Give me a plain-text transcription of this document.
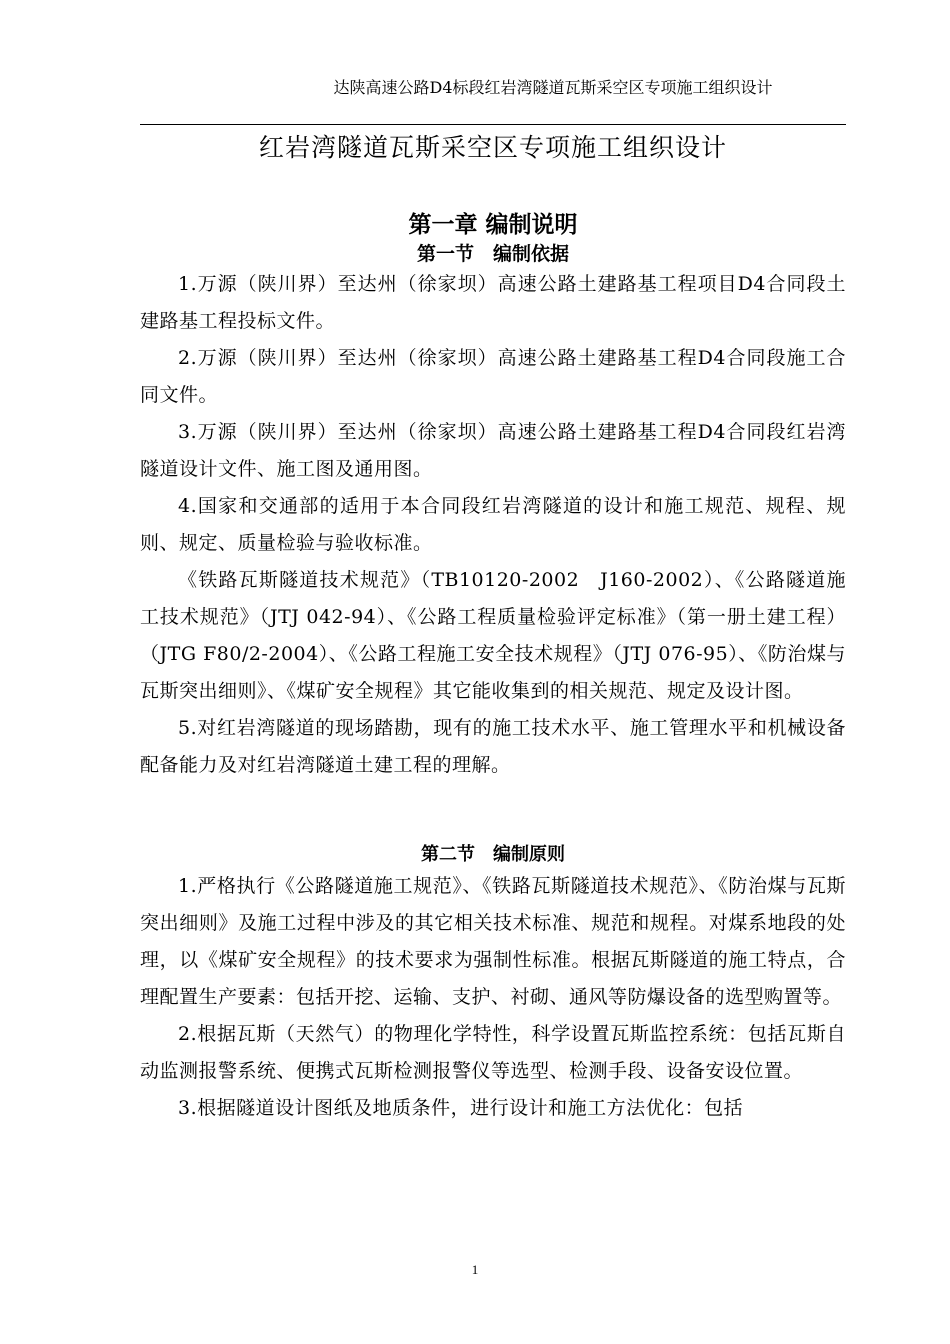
达陕高速公路D4标段红岩湾隧道瓦斯采空区专项施工组织设计
红岩湾隧道瓦斯采空区专项施工组织设计
第一章 编制说明
第一节　编制依据

1.万源（陕川界）至达州（徐家坝）高速公路土建路基工程项目D4合同段土建路基工程投标文件。

2.万源（陕川界）至达州（徐家坝）高速公路土建路基工程D4合同段施工合同文件。

3.万源（陕川界）至达州（徐家坝）高速公路土建路基工程D4合同段红岩湾隧道设计文件、施工图及通用图。

4.国家和交通部的适用于本合同段红岩湾隧道的设计和施工规范、规程、规则、规定、质量检验与验收标准。

《铁路瓦斯隧道技术规范》（TB10120-2002　J160-2002）、《公路隧道施工技术规范》（JTJ 042-94）、《公路工程质量检验评定标准》（第一册土建工程）（JTG F80/2-2004）、《公路工程施工安全技术规程》（JTJ 076-95）、《防治煤与瓦斯突出细则》、《煤矿安全规程》其它能收集到的相关规范、规定及设计图。

5.对红岩湾隧道的现场踏勘，现有的施工技术水平、施工管理水平和机械设备配备能力及对红岩湾隧道土建工程的理解。

第二节　编制原则

1.严格执行《公路隧道施工规范》、《铁路瓦斯隧道技术规范》、《防治煤与瓦斯突出细则》及施工过程中涉及的其它相关技术标准、规范和规程。对煤系地段的处理，以《煤矿安全规程》的技术要求为强制性标准。根据瓦斯隧道的施工特点，合理配置生产要素：包括开挖、运输、支护、衬砌、通风等防爆设备的选型购置等。

2.根据瓦斯（天然气）的物理化学特性，科学设置瓦斯监控系统：包括瓦斯自动监测报警系统、便携式瓦斯检测报警仪等选型、检测手段、设备安设位置。

3.根据隧道设计图纸及地质条件，进行设计和施工方法优化：包括

1
